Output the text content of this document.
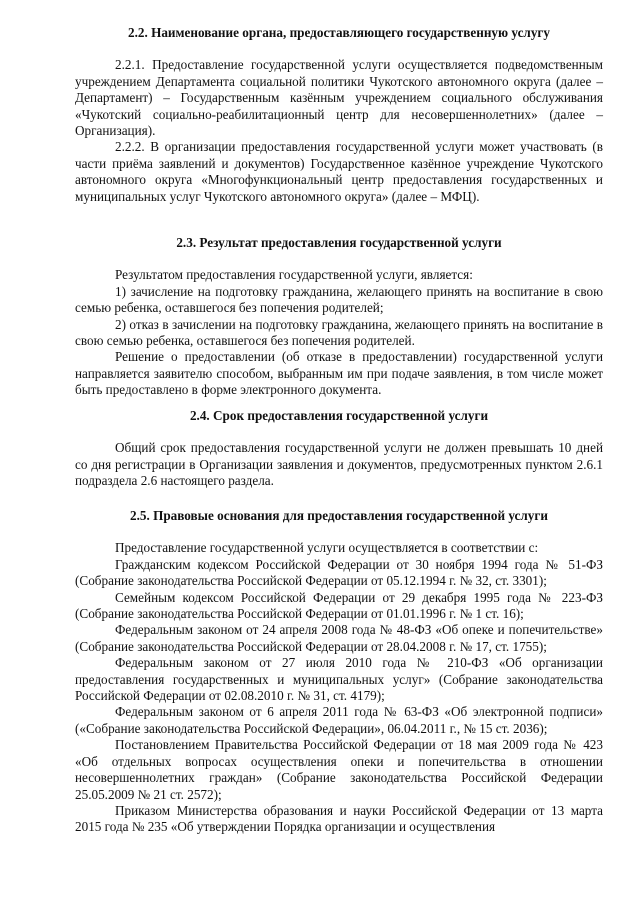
2.2. Наименование органа, предоставляющего государственную услугу

2.2.1. Предоставление государственной услуги осуществляется подведомственным учреждением Департамента социальной политики Чукотского автономного округа (далее – Департамент) – Государственным казённым учреждением социального обслуживания «Чукотский социально-реабилитационный центр для несовершеннолетних» (далее – Организация).

2.2.2. В организации предоставления государственной услуги может участвовать (в части приёма заявлений и документов) Государственное казённое учреждение Чукотского автономного округа «Многофункциональный центр предоставления государственных и муниципальных услуг Чукотского автономного округа» (далее – МФЦ).

2.3. Результат предоставления государственной услуги

Результатом предоставления государственной услуги, является:

1) зачисление на подготовку гражданина, желающего принять на воспитание в свою семью ребенка, оставшегося без попечения родителей;

2) отказ в зачислении на подготовку гражданина, желающего принять на воспитание в свою семью ребенка, оставшегося без попечения родителей.

Решение о предоставлении (об отказе в предоставлении) государственной услуги направляется заявителю способом, выбранным им при подаче заявления, в том числе может быть предоставлено в форме электронного документа.

2.4. Срок предоставления государственной услуги

Общий срок предоставления государственной услуги не должен превышать 10 дней со дня регистрации в Организации заявления и документов, предусмотренных пунктом 2.6.1 подраздела 2.6 настоящего раздела.

2.5. Правовые основания для предоставления государственной услуги

Предоставление государственной услуги осуществляется в соответствии с:

Гражданским кодексом Российской Федерации от 30 ноября 1994 года № 51-ФЗ (Собрание законодательства Российской Федерации от 05.12.1994 г. № 32, ст. 3301);

Семейным кодексом Российской Федерации от 29 декабря 1995 года № 223-ФЗ (Собрание законодательства Российской Федерации от 01.01.1996 г. № 1 ст. 16);

Федеральным законом от 24 апреля 2008 года № 48-ФЗ «Об опеке и попечительстве» (Собрание законодательства Российской Федерации от 28.04.2008 г. № 17, ст. 1755);

Федеральным законом от 27 июля 2010 года № 210-ФЗ «Об организации предоставления государственных и муниципальных услуг» (Собрание законодательства Российской Федерации от 02.08.2010 г. № 31, ст. 4179);

Федеральным законом от 6 апреля 2011 года № 63-ФЗ «Об электронной подписи» («Собрание законодательства Российской Федерации», 06.04.2011 г., № 15 ст. 2036);

Постановлением Правительства Российской Федерации от 18 мая 2009 года № 423 «Об отдельных вопросах осуществления опеки и попечительства в отношении несовершеннолетних граждан» (Собрание законодательства Российской Федерации 25.05.2009 № 21 ст. 2572);

Приказом Министерства образования и науки Российской Федерации от 13 марта 2015 года № 235 «Об утверждении Порядка организации и осуществления
